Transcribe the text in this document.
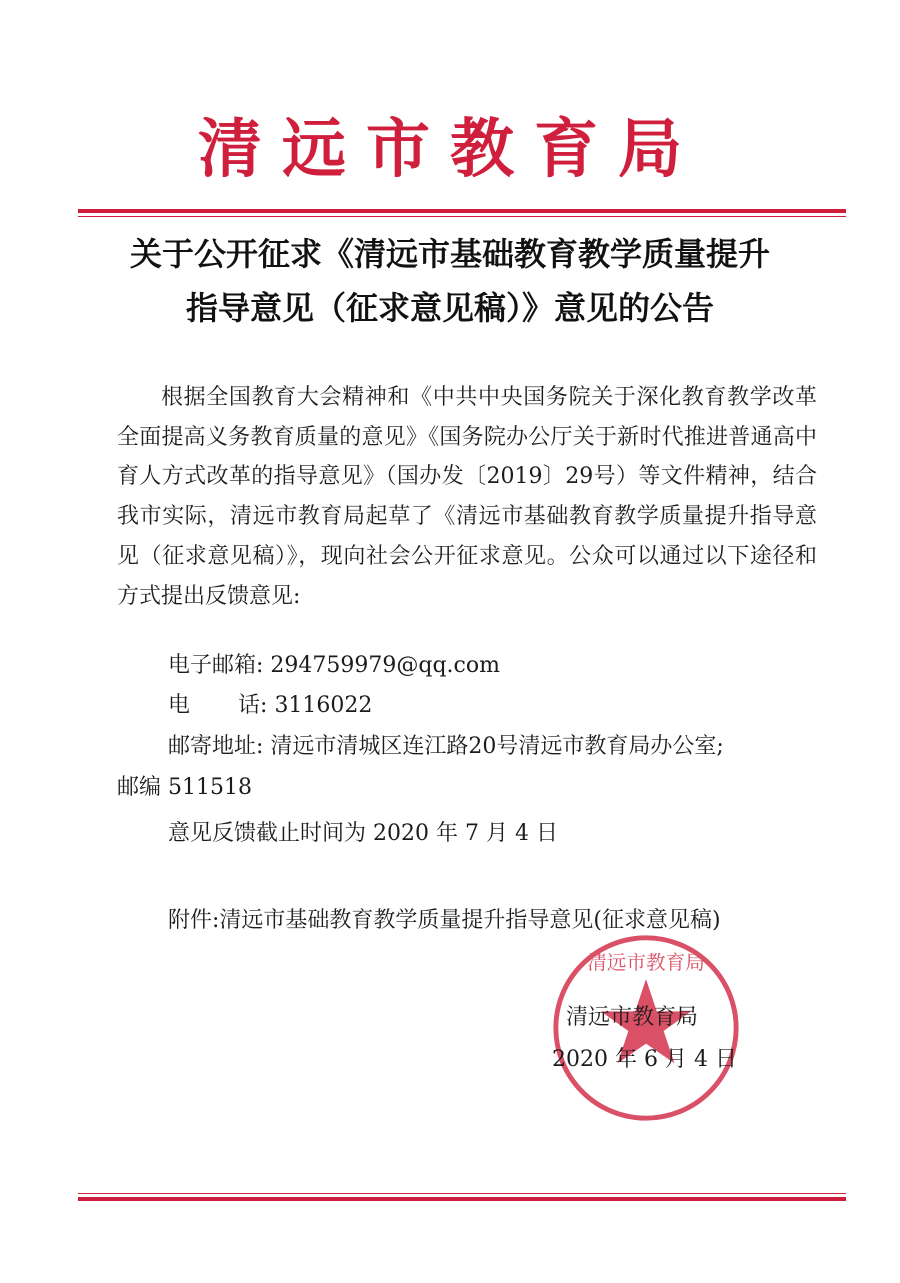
清远市教育局
关于公开征求《清远市基础教育教学质量提升
指导意见（征求意见稿）》意见的公告
根据全国教育大会精神和《中共中央国务院关于深化教育教学改革全面提高义务教育质量的意见》《国务院办公厅关于新时代推进普通高中育人方式改革的指导意见》（国办发〔2019〕29号）等文件精神，结合我市实际，清远市教育局起草了《清远市基础教育教学质量提升指导意见（征求意见稿）》，现向社会公开征求意见。公众可以通过以下途径和方式提出反馈意见:
电子邮箱: 294759979@qq.com
电 话: 3116022
邮寄地址: 清远市清城区连江路20号清远市教育局办公室;
邮编 511518
意见反馈截止时间为 2020 年 7 月 4 日
附件:清远市基础教育教学质量提升指导意见(征求意见稿)
清远市教育局
清远市教育局
2020 年 6 月 4 日
